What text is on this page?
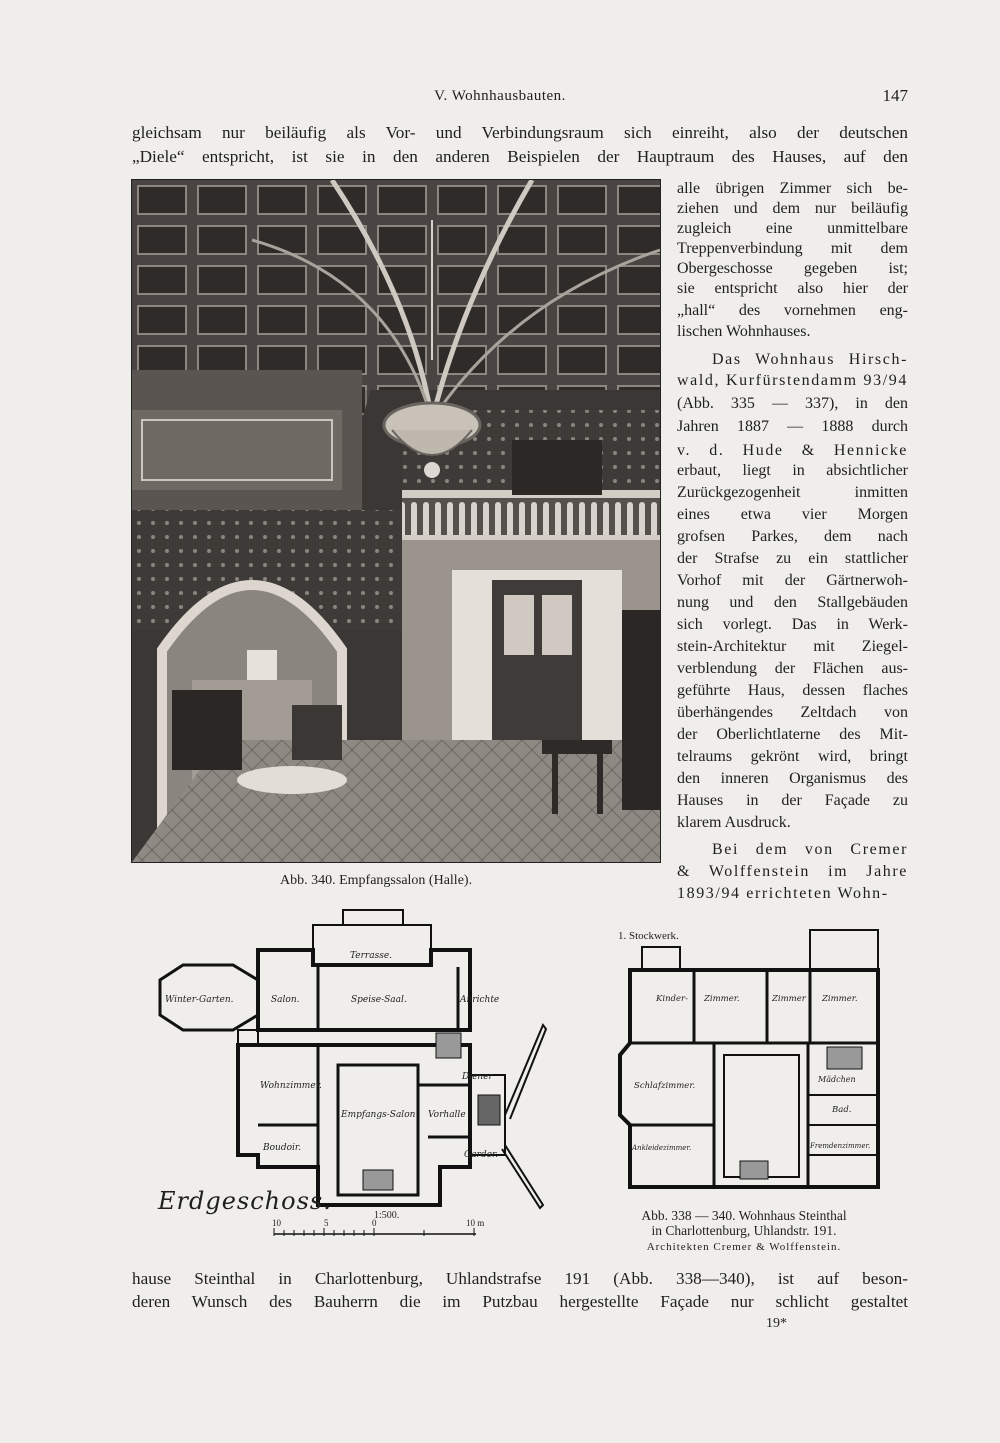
V. Wohnhausbauten.	147
gleichsam nur beiläufig als Vor- und Verbindungsraum sich einreiht, also der deutschen
„Diele“ entspricht, ist sie in den anderen Beispielen der Hauptraum des Hauses, auf den
Abb. 340. Empfangssalon (Halle).
alle übrigen Zimmer sich be-
ziehen und dem nur beiläufig
zugleich eine unmittelbare
Treppenverbindung mit dem
Obergeschosse gegeben ist;
sie entspricht also hier der
„hall“ des vornehmen eng-
lischen Wohnhauses.
Das Wohnhaus Hirsch-
wald, Kurfürstendamm 93/94
(Abb. 335 — 337), in den
Jahren 1887 — 1888 durch
v. d. Hude & Hennicke
erbaut, liegt in absichtlicher
Zurückgezogenheit inmitten
eines etwa vier Morgen
grofsen Parkes, dem nach
der Strafse zu ein stattlicher
Vorhof mit der Gärtnerwoh-
nung und den Stallgebäuden
sich vorlegt. Das in Werk-
stein-Architektur mit Ziegel-
verblendung der Flächen aus-
geführte Haus, dessen flaches
überhängendes Zeltdach von
der Oberlichtlaterne des Mit-
telraums gekrönt wird, bringt
den inneren Organismus des
Hauses in der Façade zu
klarem Ausdruck.
Bei dem von Cremer
& Wolffenstein im Jahre
1893/94 errichteten Wohn-
Terrasse.
Winter-Garten.	Salon.	Speise-Saal.	Anrichte
Wohnzimmer.
Empfangs-Salon Vorhalle
Diener
Boudoir.
Garder.
Erdgeschoss.
1:500.
10	5	0	10 m
1. Stockwerk.
Kinder- Zimmer.	Zimmer Zimmer.
Schlafzimmer.
Mädchen
Bad.
Ankleidezimmer.	Fremdenzimmer.
Abb. 338 — 340. Wohnhaus Steinthal
in Charlottenburg, Uhlandstr. 191.
Architekten Cremer & Wolffenstein.
hause Steinthal in Charlottenburg, Uhlandstrafse 191 (Abb. 338—340), ist auf beson-
deren Wunsch des Bauherrn die im Putzbau hergestellte Façade nur schlicht gestaltet
19*
